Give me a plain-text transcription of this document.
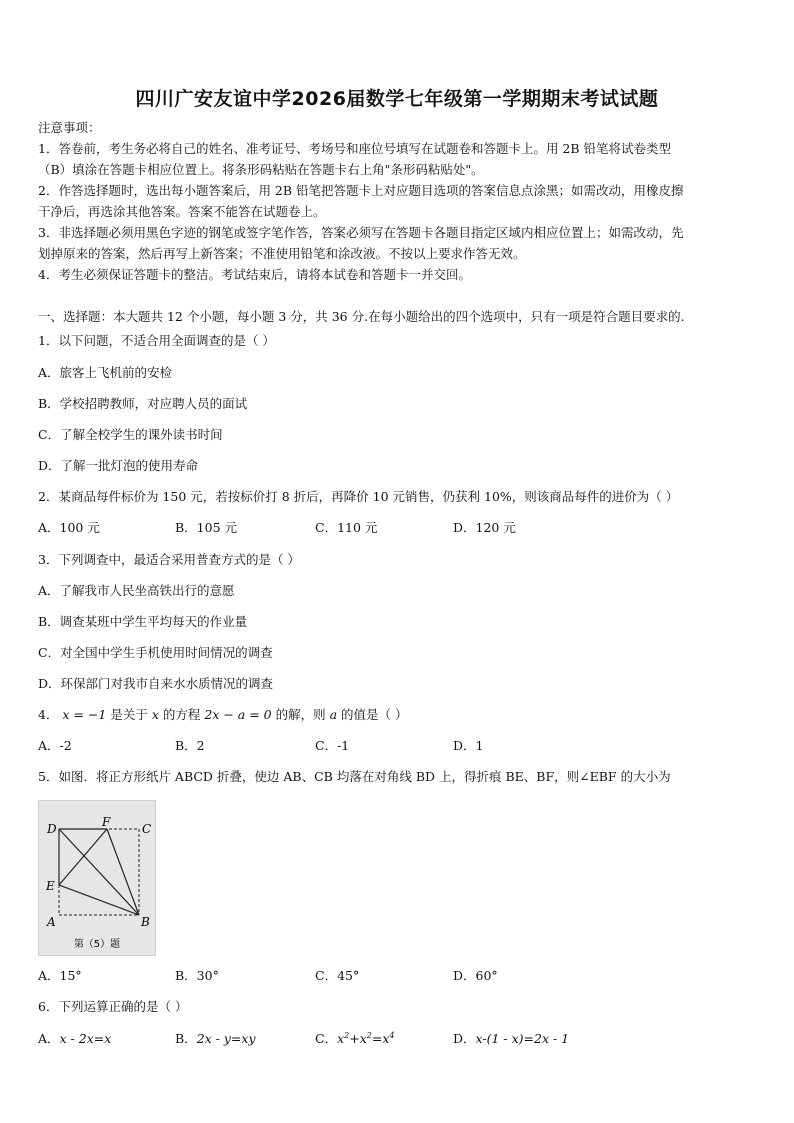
四川广安友谊中学2026届数学七年级第一学期期末考试试题
注意事项：
1．答卷前，考生务必将自己的姓名、准考证号、考场号和座位号填写在试题卷和答题卡上。用 2B 铅笔将试卷类型
（B）填涂在答题卡相应位置上。将条形码粘贴在答题卡右上角"条形码粘贴处"。
2．作答选择题时，选出每小题答案后，用 2B 铅笔把答题卡上对应题目选项的答案信息点涂黑；如需改动，用橡皮擦
干净后，再选涂其他答案。答案不能答在试题卷上。
3．非选择题必须用黑色字迹的钢笔或签字笔作答，答案必须写在答题卡各题目指定区域内相应位置上；如需改动，先
划掉原来的答案，然后再写上新答案；不准使用铅笔和涂改液。不按以上要求作答无效。
4．考生必须保证答题卡的整洁。考试结束后，请将本试卷和答题卡一并交回。
一、选择题：本大题共 12 个小题，每小题 3 分，共 36 分.在每小题给出的四个选项中，只有一项是符合题目要求的.
1．以下问题，不适合用全面调查的是（ ）
A．旅客上飞机前的安检
B．学校招聘教师，对应聘人员的面试
C．了解全校学生的课外读书时间
D．了解一批灯泡的使用寿命
2．某商品每件标价为 150 元，若按标价打 8 折后，再降价 10 元销售，仍获利 10%，则该商品每件的进价为（ ）
A．100 元	B．105 元	C．110 元	D．120 元
3．下列调查中，最适合采用普查方式的是（ ）
A．了解我市人民坐高铁出行的意愿
B．调查某班中学生平均每天的作业量
C．对全国中学生手机使用时间情况的调查
D．环保部门对我市自来水水质情况的调查
4． x = −1 是关于 x 的方程 2x − a = 0 的解，则 a 的值是（ ）
A．-2	B．2	C．-1	D．1
5．如图．将正方形纸片 ABCD 折叠，使边 AB、CB 均落在对角线 BD 上，得折痕 BE、BF，则∠EBF 的大小为
D	F	C
E
A	B
第（5）题
A．15°	B．30°	C．45°	D．60°
6．下列运算正确的是（ ）
A．x - 2x=x	B．2x - y=xy	C．$x^2+x^2=x^4$	D．x-(1 - x)=2x - 1
